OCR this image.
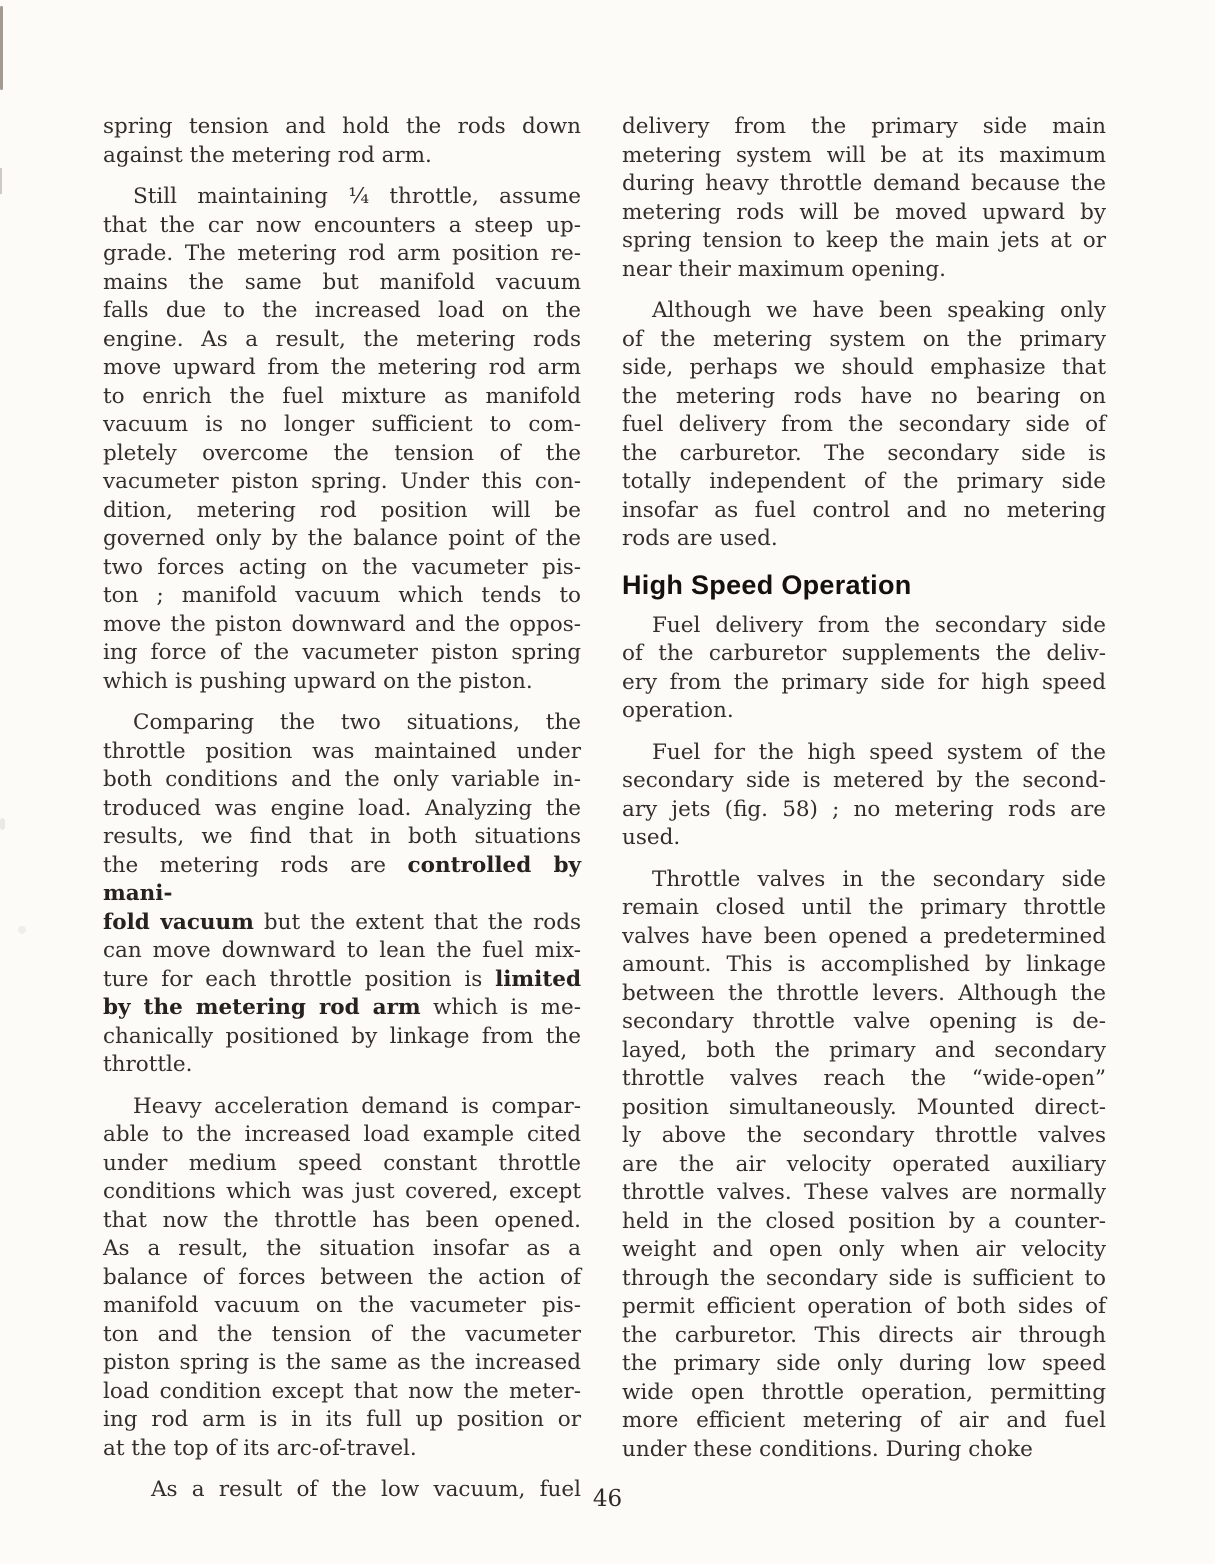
spring tension and hold the rods down
against the metering rod arm.
Still maintaining ¼ throttle, assume
that the car now encounters a steep up-
grade. The metering rod arm position re-
mains the same but manifold vacuum
falls due to the increased load on the
engine. As a result, the metering rods
move upward from the metering rod arm
to enrich the fuel mixture as manifold
vacuum is no longer sufficient to com-
pletely overcome the tension of the
vacumeter piston spring. Under this con-
dition, metering rod position will be
governed only by the balance point of the
two forces acting on the vacumeter pis-
ton ; manifold vacuum which tends to
move the piston downward and the oppos-
ing force of the vacumeter piston spring
which is pushing upward on the piston.
Comparing the two situations, the
throttle position was maintained under
both conditions and the only variable in-
troduced was engine load. Analyzing the
results, we find that in both situations
the metering rods are controlled by mani-
fold vacuum but the extent that the rods
can move downward to lean the fuel mix-
ture for each throttle position is limited
by the metering rod arm which is me-
chanically positioned by linkage from the
throttle.
Heavy acceleration demand is compar-
able to the increased load example cited
under medium speed constant throttle
conditions which was just covered, except
that now the throttle has been opened.
As a result, the situation insofar as a
balance of forces between the action of
manifold vacuum on the vacumeter pis-
ton and the tension of the vacumeter
piston spring is the same as the increased
load condition except that now the meter-
ing rod arm is in its full up position or
at the top of its arc-of-travel.
As a result of the low vacuum, fuel
delivery from the primary side main
metering system will be at its maximum
during heavy throttle demand because the
metering rods will be moved upward by
spring tension to keep the main jets at or
near their maximum opening.
Although we have been speaking only
of the metering system on the primary
side, perhaps we should emphasize that
the metering rods have no bearing on
fuel delivery from the secondary side of
the carburetor. The secondary side is
totally independent of the primary side
insofar as fuel control and no metering
rods are used.
High Speed Operation
Fuel delivery from the secondary side
of the carburetor supplements the deliv-
ery from the primary side for high speed
operation.
Fuel for the high speed system of the
secondary side is metered by the second-
ary jets (fig. 58) ; no metering rods are
used.
Throttle valves in the secondary side
remain closed until the primary throttle
valves have been opened a predetermined
amount. This is accomplished by linkage
between the throttle levers. Although the
secondary throttle valve opening is de-
layed, both the primary and secondary
throttle valves reach the “wide-open”
position simultaneously. Mounted direct-
ly above the secondary throttle valves
are the air velocity operated auxiliary
throttle valves. These valves are normally
held in the closed position by a counter-
weight and open only when air velocity
through the secondary side is sufficient to
permit efficient operation of both sides of
the carburetor. This directs air through
the primary side only during low speed
wide open throttle operation, permitting
more efficient metering of air and fuel
under these conditions. During choke
46
